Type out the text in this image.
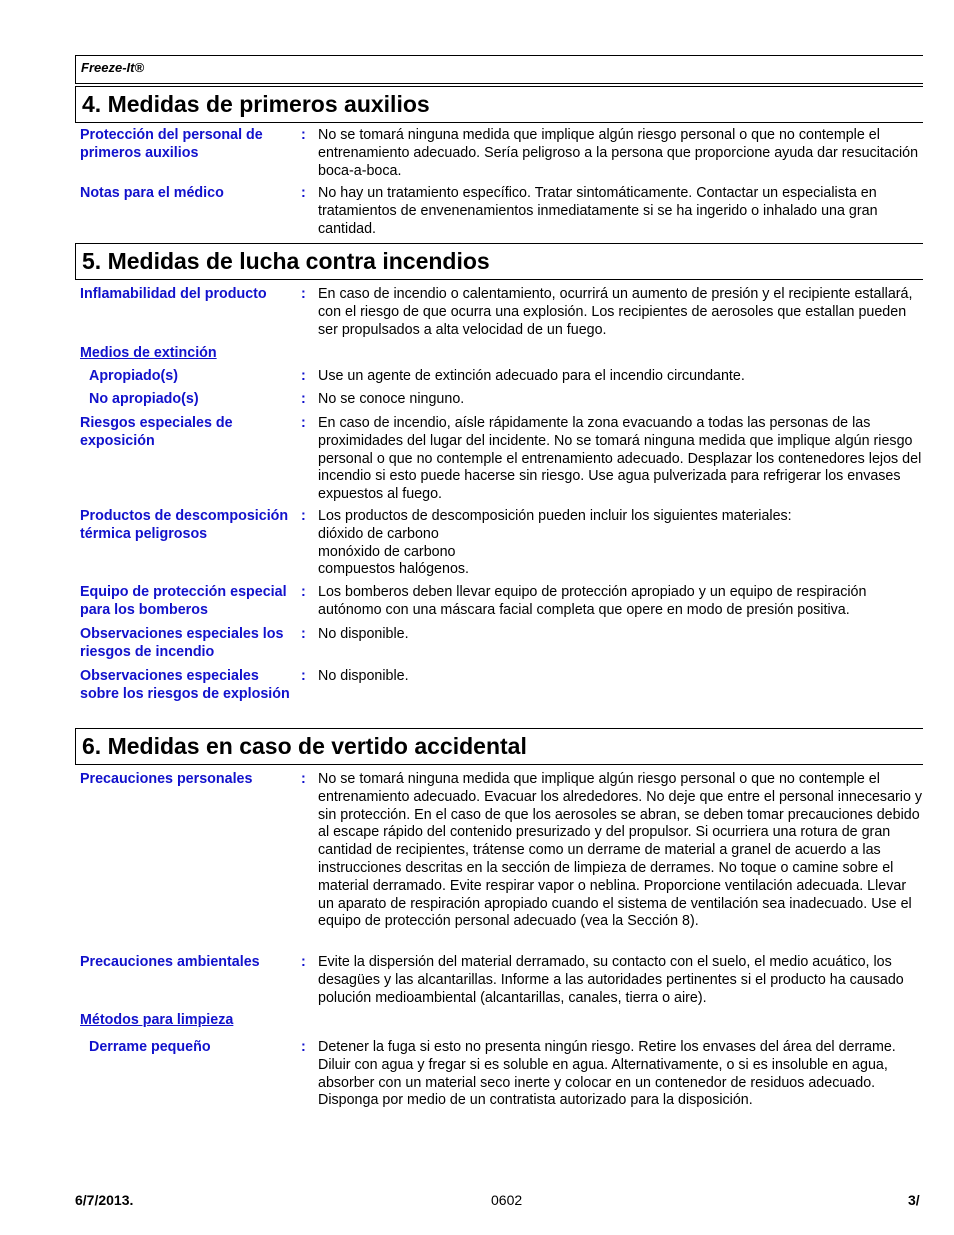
Freeze-It®
4. Medidas de primeros auxilios
Protección del personal de primeros auxilios
: No se tomará ninguna medida que implique algún riesgo personal o que no contemple el entrenamiento adecuado. Sería peligroso a la persona que proporcione ayuda dar resucitación boca-a-boca.
Notas para el médico	: No hay un tratamiento específico. Tratar sintomáticamente. Contactar un especialista en tratamientos de envenenamientos inmediatamente si se ha ingerido o inhalado una gran cantidad.
5. Medidas de lucha contra incendios
Inflamabilidad del producto	: En caso de incendio o calentamiento, ocurrirá un aumento de presión y el recipiente estallará, con el riesgo de que ocurra una explosión. Los recipientes de aerosoles que estallan pueden ser propulsados a alta velocidad de un fuego.
Medios de extinción
Apropiado(s)	: Use un agente de extinción adecuado para el incendio circundante.
No apropiado(s)	: No se conoce ninguno.
Riesgos especiales de exposición
: En caso de incendio, aísle rápidamente la zona evacuando a todas las personas de las proximidades del lugar del incidente. No se tomará ninguna medida que implique algún riesgo personal o que no contemple el entrenamiento adecuado. Desplazar los contenedores lejos del incendio si esto puede hacerse sin riesgo. Use agua pulverizada para refrigerar los envases expuestos al fuego.
Productos de descomposición térmica peligrosos
: Los productos de descomposición pueden incluir los siguientes materiales:
dióxido de carbono
monóxido de carbono
compuestos halógenos.
Equipo de protección especial para los bomberos
: Los bomberos deben llevar equipo de protección apropiado y un equipo de respiración autónomo con una máscara facial completa que opere en modo de presión positiva.
Observaciones especiales los riesgos de incendio
: No disponible.
Observaciones especiales sobre los riesgos de explosión
: No disponible.
6. Medidas en caso de vertido accidental
Precauciones personales	: No se tomará ninguna medida que implique algún riesgo personal o que no contemple el entrenamiento adecuado. Evacuar los alrededores. No deje que entre el personal innecesario y sin protección. En el caso de que los aerosoles se abran, se deben tomar precauciones debido al escape rápido del contenido presurizado y del propulsor. Si ocurriera una rotura de gran cantidad de recipientes, trátense como un derrame de material a granel de acuerdo a las instrucciones descritas en la sección de limpieza de derrames. No toque o camine sobre el material derramado. Evite respirar vapor o neblina. Proporcione ventilación adecuada. Llevar un aparato de respiración apropiado cuando el sistema de ventilación sea inadecuado. Use el equipo de protección personal adecuado (vea la Sección 8).
Precauciones ambientales	: Evite la dispersión del material derramado, su contacto con el suelo, el medio acuático, los desagües y las alcantarillas. Informe a las autoridades pertinentes si el producto ha causado polución medioambiental (alcantarillas, canales, tierra o aire).
Métodos para limpieza
Derrame pequeño	: Detener la fuga si esto no presenta ningún riesgo. Retire los envases del área del derrame. Diluir con agua y fregar si es soluble en agua. Alternativamente, o si es insoluble en agua, absorber con un material seco inerte y colocar en un contenedor de residuos adecuado. Disponga por medio de un contratista autorizado para la disposición.
6/7/2013.	0602	3/
